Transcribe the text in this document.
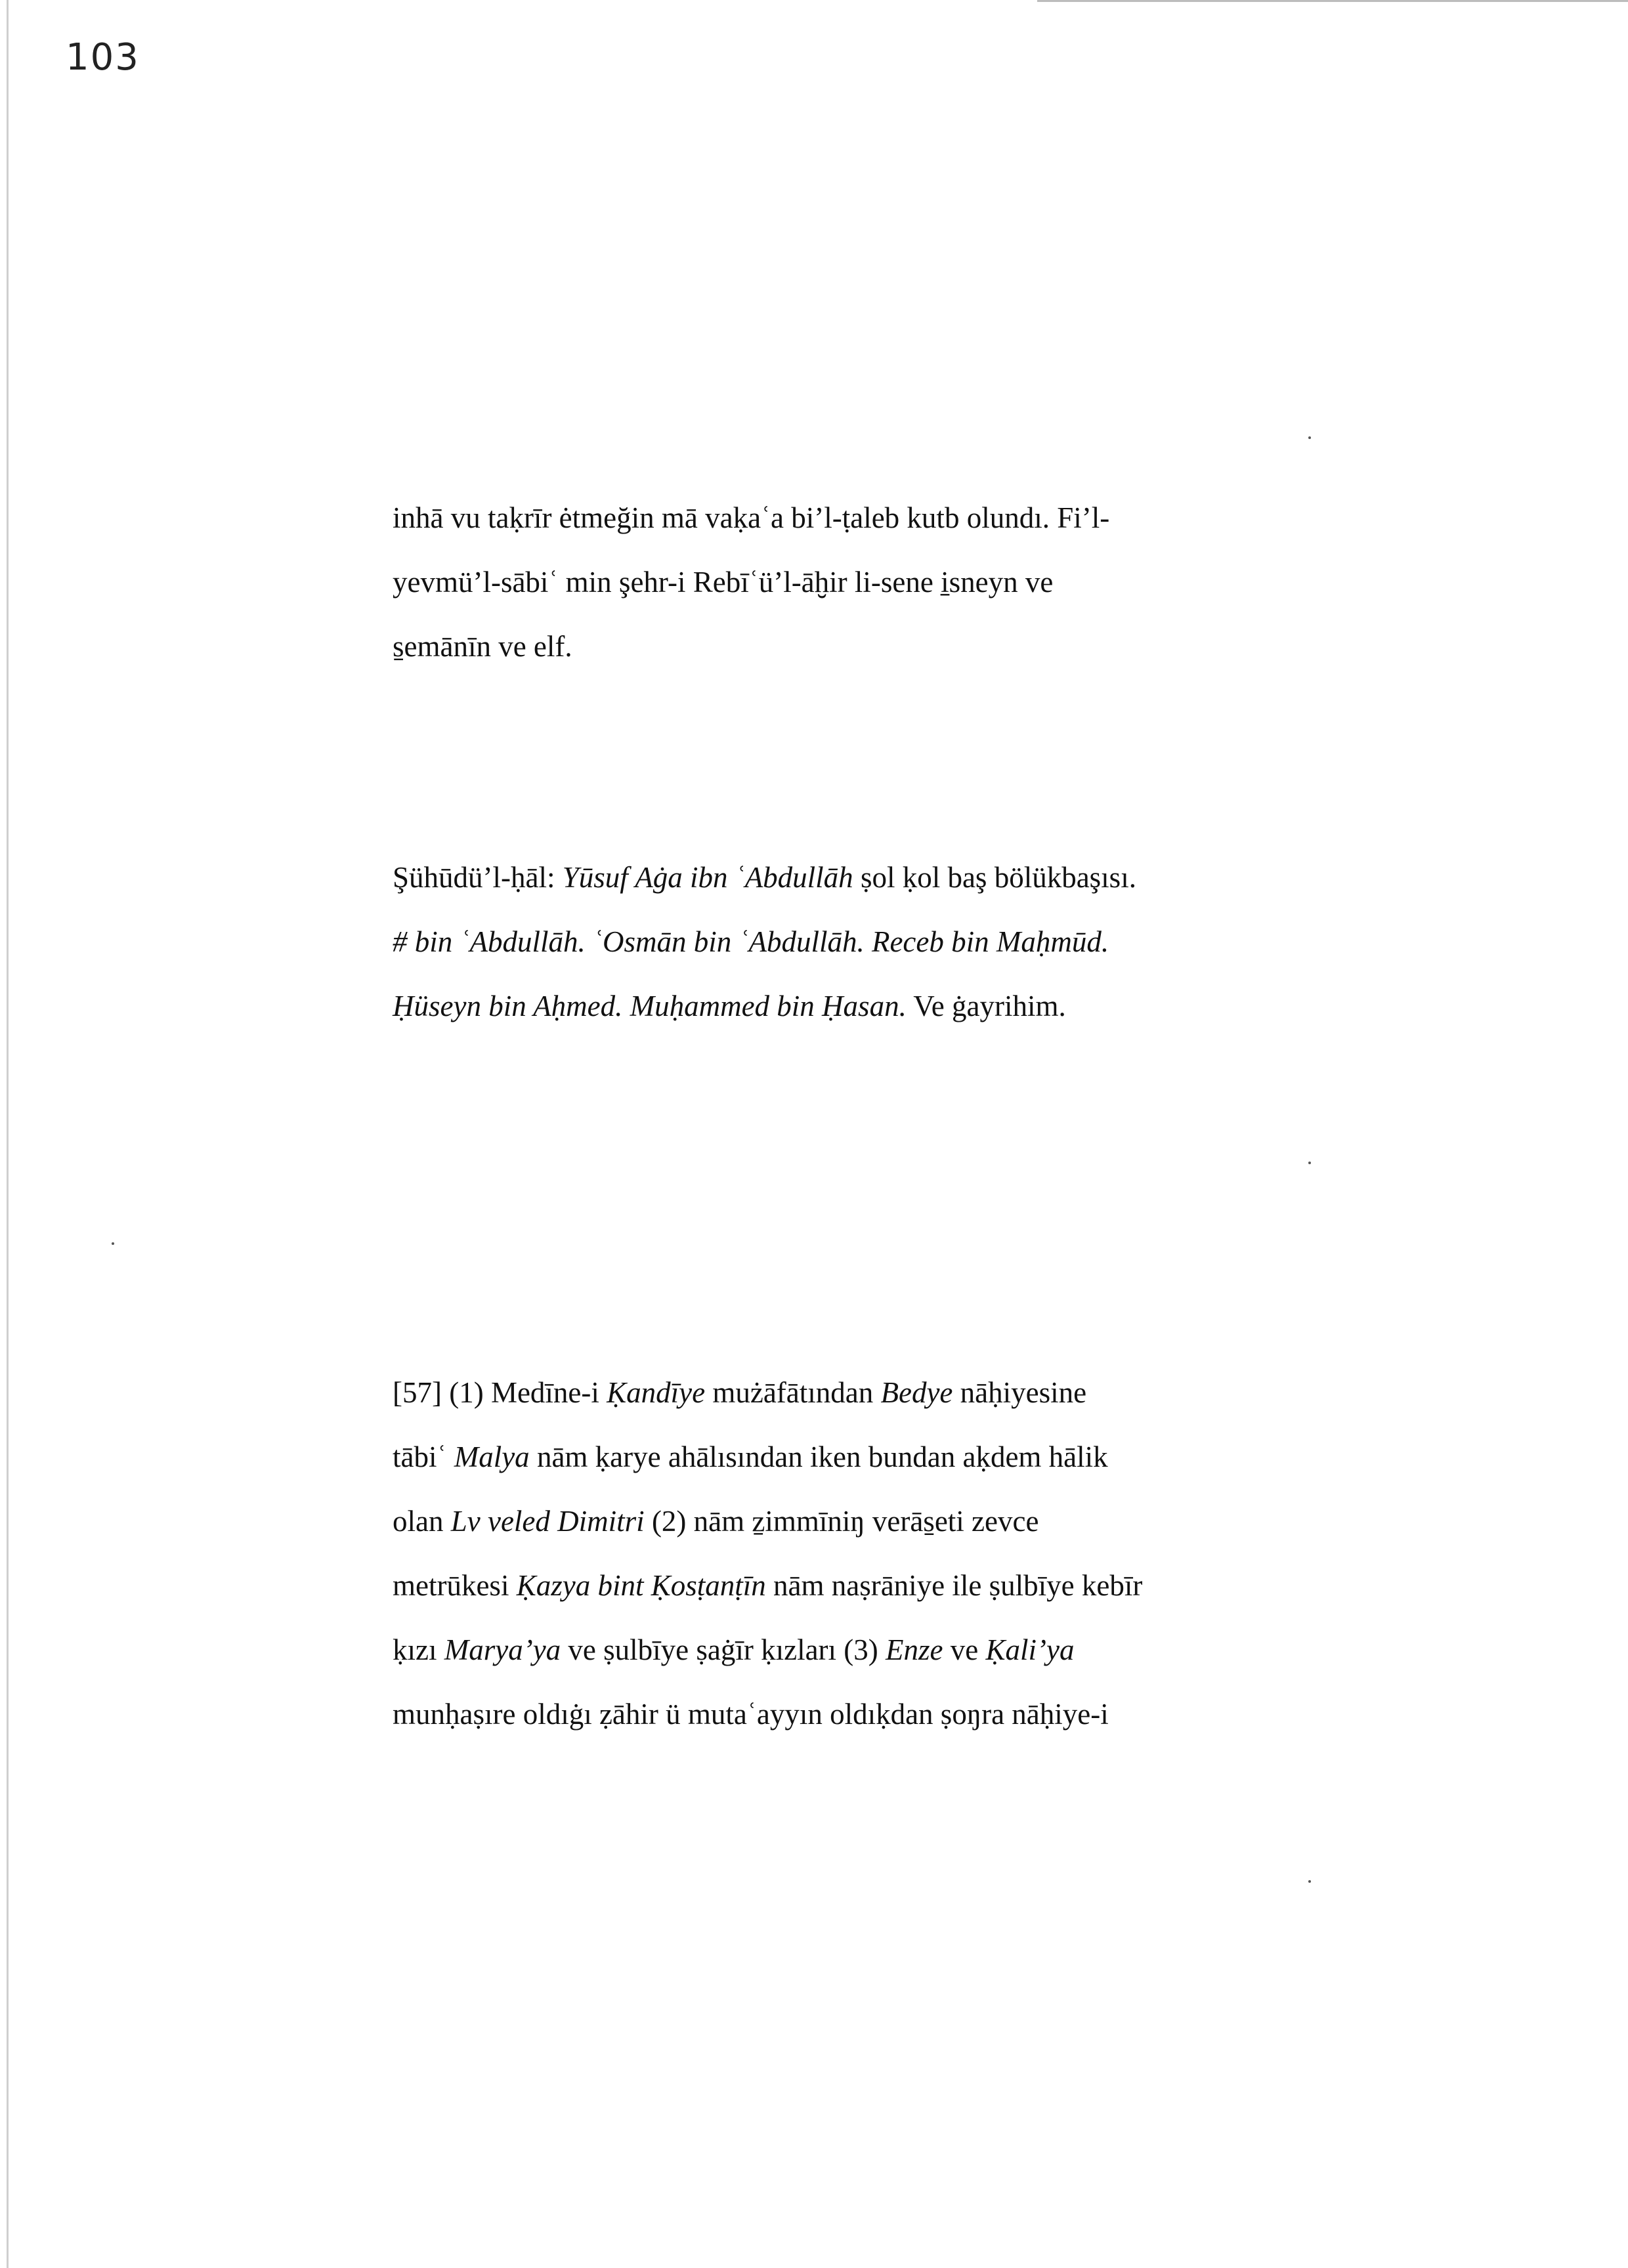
103
inhā vu taḳrīr ėtmeğin mā vaḳaʿa bi’l-ṭaleb kutb olundı. Fi’l-
yevmü’l-sābiʿ min şehr-i Rebīʿü’l-āḫir li-sene i̱sneyn ve
s̱emānīn ve elf.
Şühūdü’l-ḥāl: Yūsuf Aġa ibn ʿAbdullāh ṣol ḳol baş bölükbaşısı.
# bin ʿAbdullāh. ʿOsmān bin ʿAbdullāh. Receb bin Maḥmūd.
Ḥüseyn bin Aḥmed. Muḥammed bin Ḥasan. Ve ġayrihim.
[57] (1) Medīne-i Ḳandīye mużāfātından Bedye nāḥiyesine
tābiʿ Malya nām ḳarye ahālısından iken bundan aḳdem hālik
olan Lv veled Dimitri (2) nām ẕimmīniŋ verās̱eti zevce
metrūkesi Ḳazya bint Ḳosṭanṭīn nām naṣrāniye ile ṣulbīye kebīr
ḳızı Marya’ya ve ṣulbīye ṣaġīr ḳızları (3) Enze ve Ḳali’ya
munḥaṣıre oldıġı ẓāhir ü mutaʿayyın oldıḳdan ṣoŋra nāḥiye-i
